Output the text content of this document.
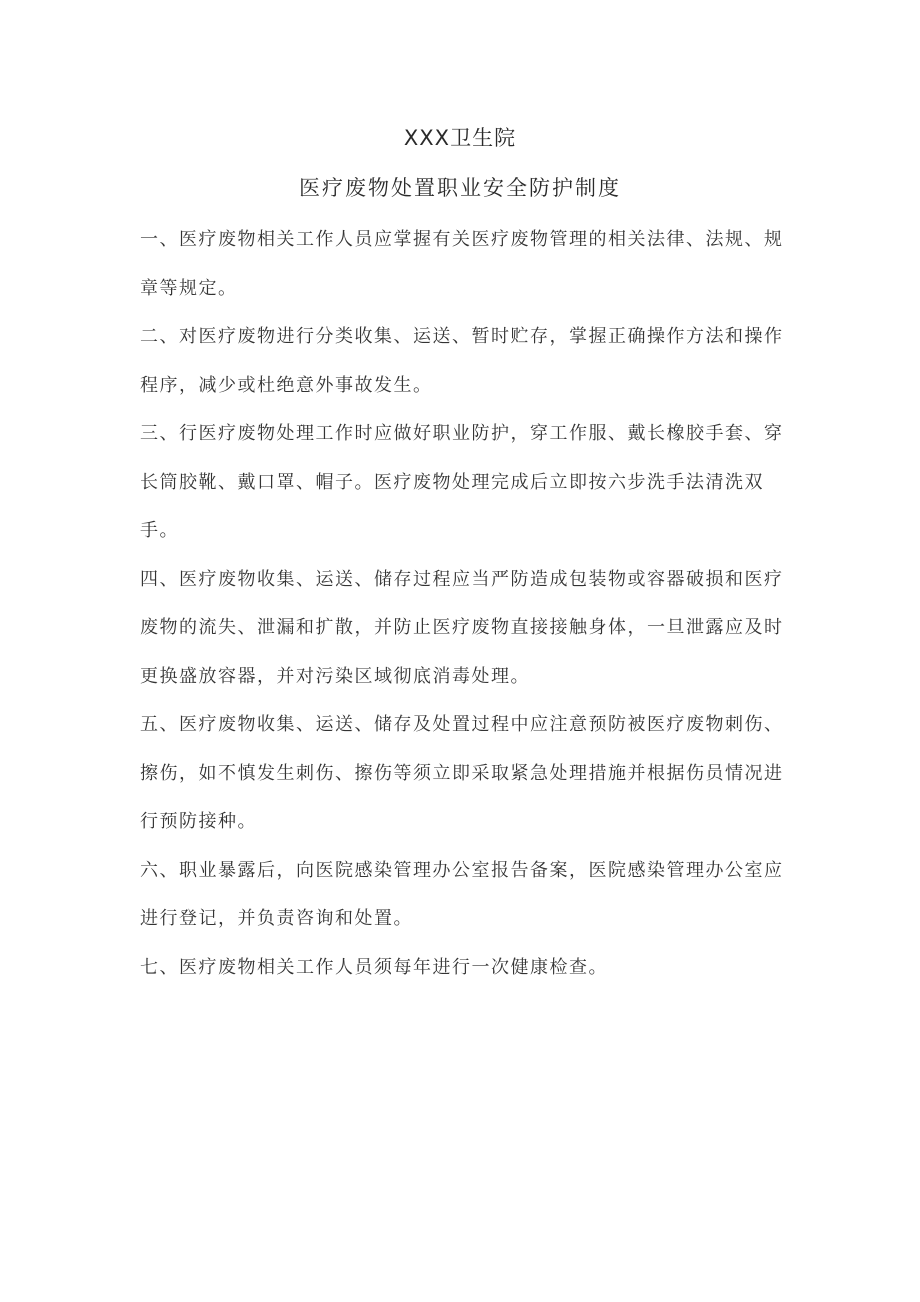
XXX卫生院
医疗废物处置职业安全防护制度

一、医疗废物相关工作人员应掌握有关医疗废物管理的相关法律、法规、规章等规定。

二、对医疗废物进行分类收集、运送、暂时贮存，掌握正确操作方法和操作程序，减少或杜绝意外事故发生。

三、行医疗废物处理工作时应做好职业防护，穿工作服、戴长橡胶手套、穿长筒胶靴、戴口罩、帽子。医疗废物处理完成后立即按六步洗手法清洗双手。

四、医疗废物收集、运送、储存过程应当严防造成包装物或容器破损和医疗废物的流失、泄漏和扩散，并防止医疗废物直接接触身体，一旦泄露应及时更换盛放容器，并对污染区域彻底消毒处理。

五、医疗废物收集、运送、储存及处置过程中应注意预防被医疗废物刺伤、擦伤，如不慎发生刺伤、擦伤等须立即采取紧急处理措施并根据伤员情况进行预防接种。

六、职业暴露后，向医院感染管理办公室报告备案，医院感染管理办公室应进行登记，并负责咨询和处置。

七、医疗废物相关工作人员须每年进行一次健康检查。
